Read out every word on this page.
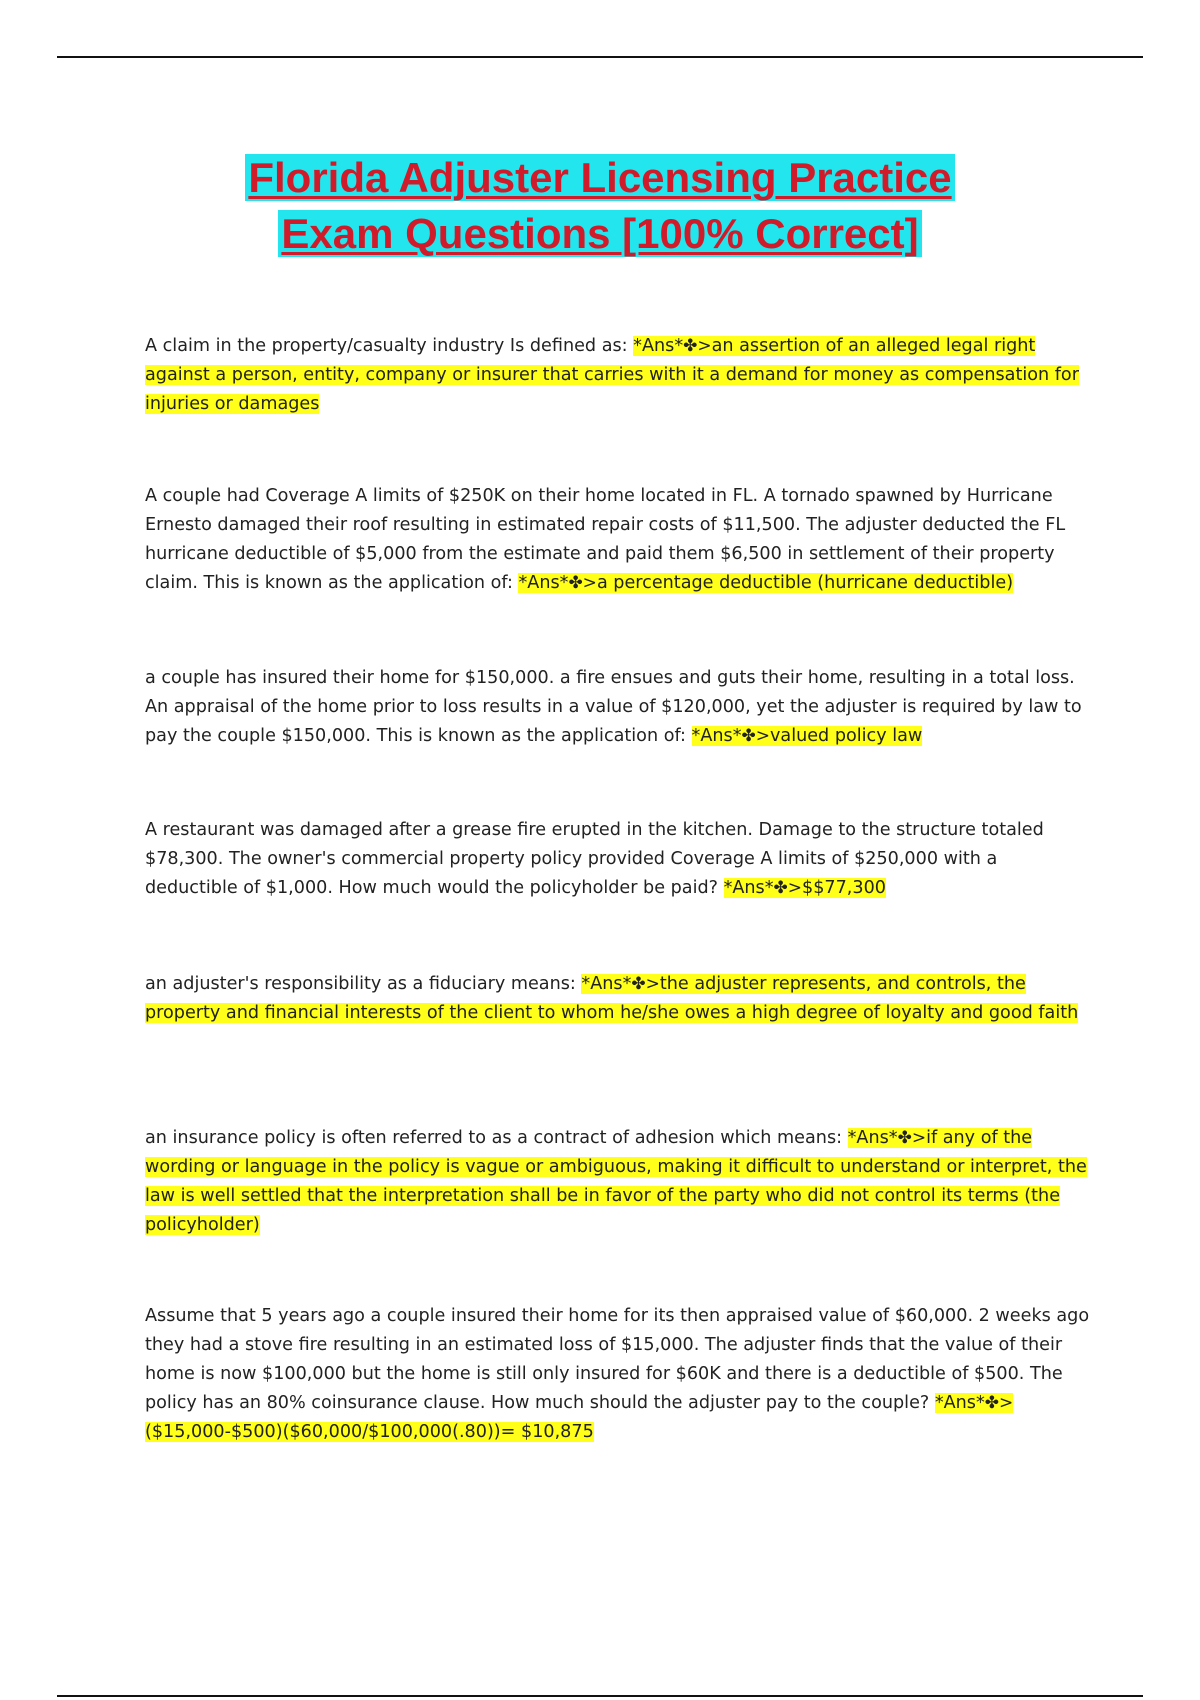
Florida Adjuster Licensing Practice
Exam Questions [100% Correct]
A claim in the property/casualty industry Is defined as: *Ans*✤>an assertion of an alleged legal right against a person, entity, company or insurer that carries with it a demand for money as compensation for injuries or damages
A couple had Coverage A limits of $250K on their home located in FL. A tornado spawned by Hurricane Ernesto damaged their roof resulting in estimated repair costs of $11,500. The adjuster deducted the FL hurricane deductible of $5,000 from the estimate and paid them $6,500 in settlement of their property claim. This is known as the application of: *Ans*✤>a percentage deductible (hurricane deductible)
a couple has insured their home for $150,000. a fire ensues and guts their home, resulting in a total loss. An appraisal of the home prior to loss results in a value of $120,000, yet the adjuster is required by law to pay the couple $150,000. This is known as the application of: *Ans*✤>valued policy law
A restaurant was damaged after a grease fire erupted in the kitchen. Damage to the structure totaled $78,300. The owner's commercial property policy provided Coverage A limits of $250,000 with a deductible of $1,000. How much would the policyholder be paid? *Ans*✤>$$77,300
an adjuster's responsibility as a fiduciary means: *Ans*✤>the adjuster represents, and controls, the property and financial interests of the client to whom he/she owes a high degree of loyalty and good faith
an insurance policy is often referred to as a contract of adhesion which means: *Ans*✤>if any of the wording or language in the policy is vague or ambiguous, making it difficult to understand or interpret, the law is well settled that the interpretation shall be in favor of the party who did not control its terms (the policyholder)
Assume that 5 years ago a couple insured their home for its then appraised value of $60,000. 2 weeks ago they had a stove fire resulting in an estimated loss of $15,000. The adjuster finds that the value of their home is now $100,000 but the home is still only insured for $60K and there is a deductible of $500. The policy has an 80% coinsurance clause. How much should the adjuster pay to the couple? *Ans*✤>($15,000-$500)($60,000/$100,000(.80))= $10,875
